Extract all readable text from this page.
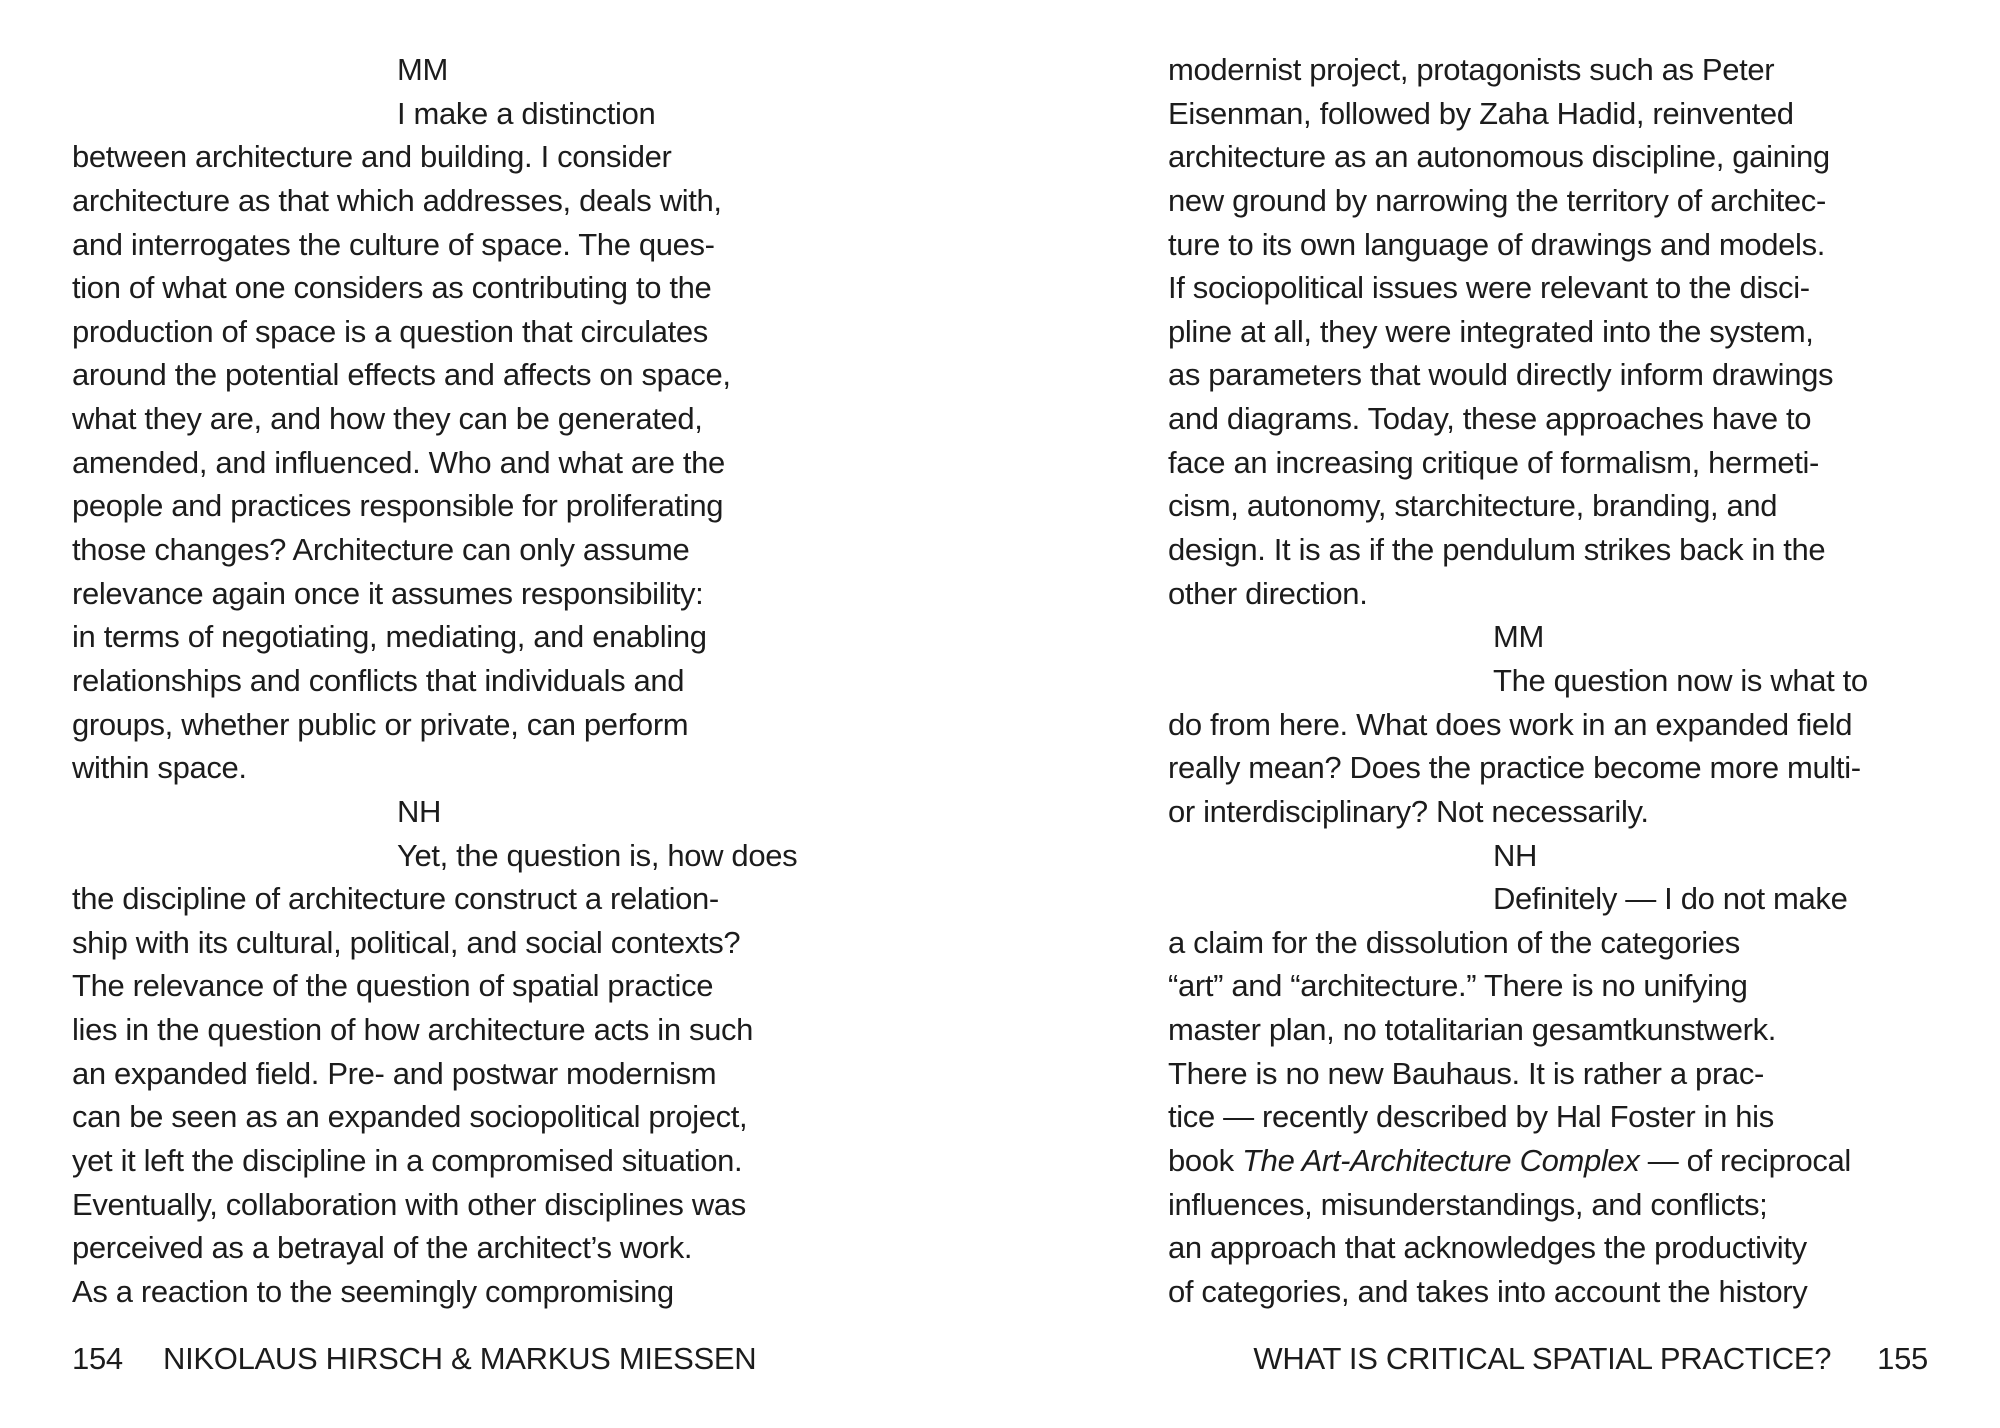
MM
I make a distinction
between architecture and building. I consider
architecture as that which addresses, deals with,
and interrogates the culture of space. The ques-
tion of what one considers as contributing to the
production of space is a question that circulates
around the potential effects and affects on space,
what they are, and how they can be generated,
amended, and influenced. Who and what are the
people and practices responsible for proliferating
those changes? Architecture can only assume
relevance again once it assumes responsibility:
in terms of negotiating, mediating, and enabling
relationships and conflicts that individuals and
groups, whether public or private, can perform
within space.
NH
Yet, the question is, how does
the discipline of architecture construct a relation-
ship with its cultural, political, and social contexts?
The relevance of the question of spatial practice
lies in the question of how architecture acts in such
an expanded field. Pre- and postwar modernism
can be seen as an expanded sociopolitical project,
yet it left the discipline in a compromised situation.
Eventually, collaboration with other disciplines was
perceived as a betrayal of the architect’s work.
As a reaction to the seemingly compromising
154 NIKOLAUS HIRSCH & MARKUS MIESSEN
modernist project, protagonists such as Peter
Eisenman, followed by Zaha Hadid, reinvented
architecture as an autonomous discipline, gaining
new ground by narrowing the territory of architec-
ture to its own language of drawings and models.
If sociopolitical issues were relevant to the disci-
pline at all, they were integrated into the system,
as parameters that would directly inform drawings
and diagrams. Today, these approaches have to
face an increasing critique of formalism, hermeti-
cism, autonomy, starchitecture, branding, and
design. It is as if the pendulum strikes back in the
other direction.
MM
The question now is what to
do from here. What does work in an expanded field
really mean? Does the practice become more multi-
or interdisciplinary? Not necessarily.
NH
Definitely — I do not make
a claim for the dissolution of the categories
“art” and “architecture.” There is no unifying
master plan, no totalitarian gesamtkunstwerk.
There is no new Bauhaus. It is rather a prac-
tice — recently described by Hal Foster in his
book The Art-Architecture Complex — of reciprocal
influences, misunderstandings, and conflicts;
an approach that acknowledges the productivity
of categories, and takes into account the history
WHAT IS CRITICAL SPATIAL PRACTICE? 155
